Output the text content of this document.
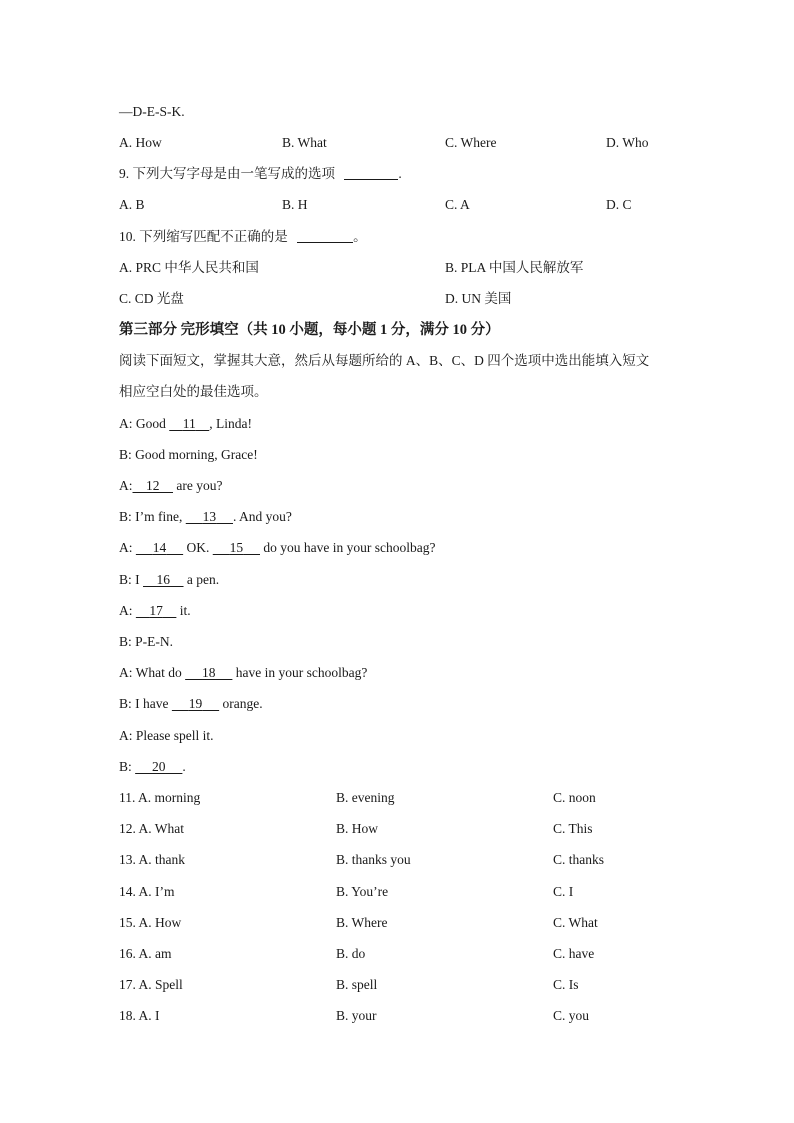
—D-E-S-K.
A. How	B. What	C. Where	D. Who
9. 下列大写字母是由一笔写成的选项	.
A. B	B. H	C. A	D. C
10. 下列缩写匹配不正确的是	。
A. PRC 中华人民共和国	B. PLA 中国人民解放军
C. CD 光盘	D. UN 美国
第三部分 完形填空（共 10 小题，每小题 1 分，满分 10 分）
阅读下面短文，掌握其大意，然后从每题所给的 A、B、C、D 四个选项中选出能填入短文
相应空白处的最佳选项。
A: Good 11 , Linda!
B: Good morning, Grace!
A: 12 are you?
B: I’m fine, 13 . And you?
A: 14 OK. 15 do you have in your schoolbag?
B: I 16 a pen.
A: 17 it.
B: P-E-N.
A: What do 18 have in your schoolbag?
B: I have 19 orange.
A: Please spell it.
B: 20 .
11. A. morning	B. evening	C. noon
12. A. What	B. How	C. This
13. A. thank	B. thanks you	C. thanks
14. A. I’m	B. You’re	C. I
15. A. How	B. Where	C. What
16. A. am	B. do	C. have
17. A. Spell	B. spell	C. Is
18. A. I	B. your	C. you
